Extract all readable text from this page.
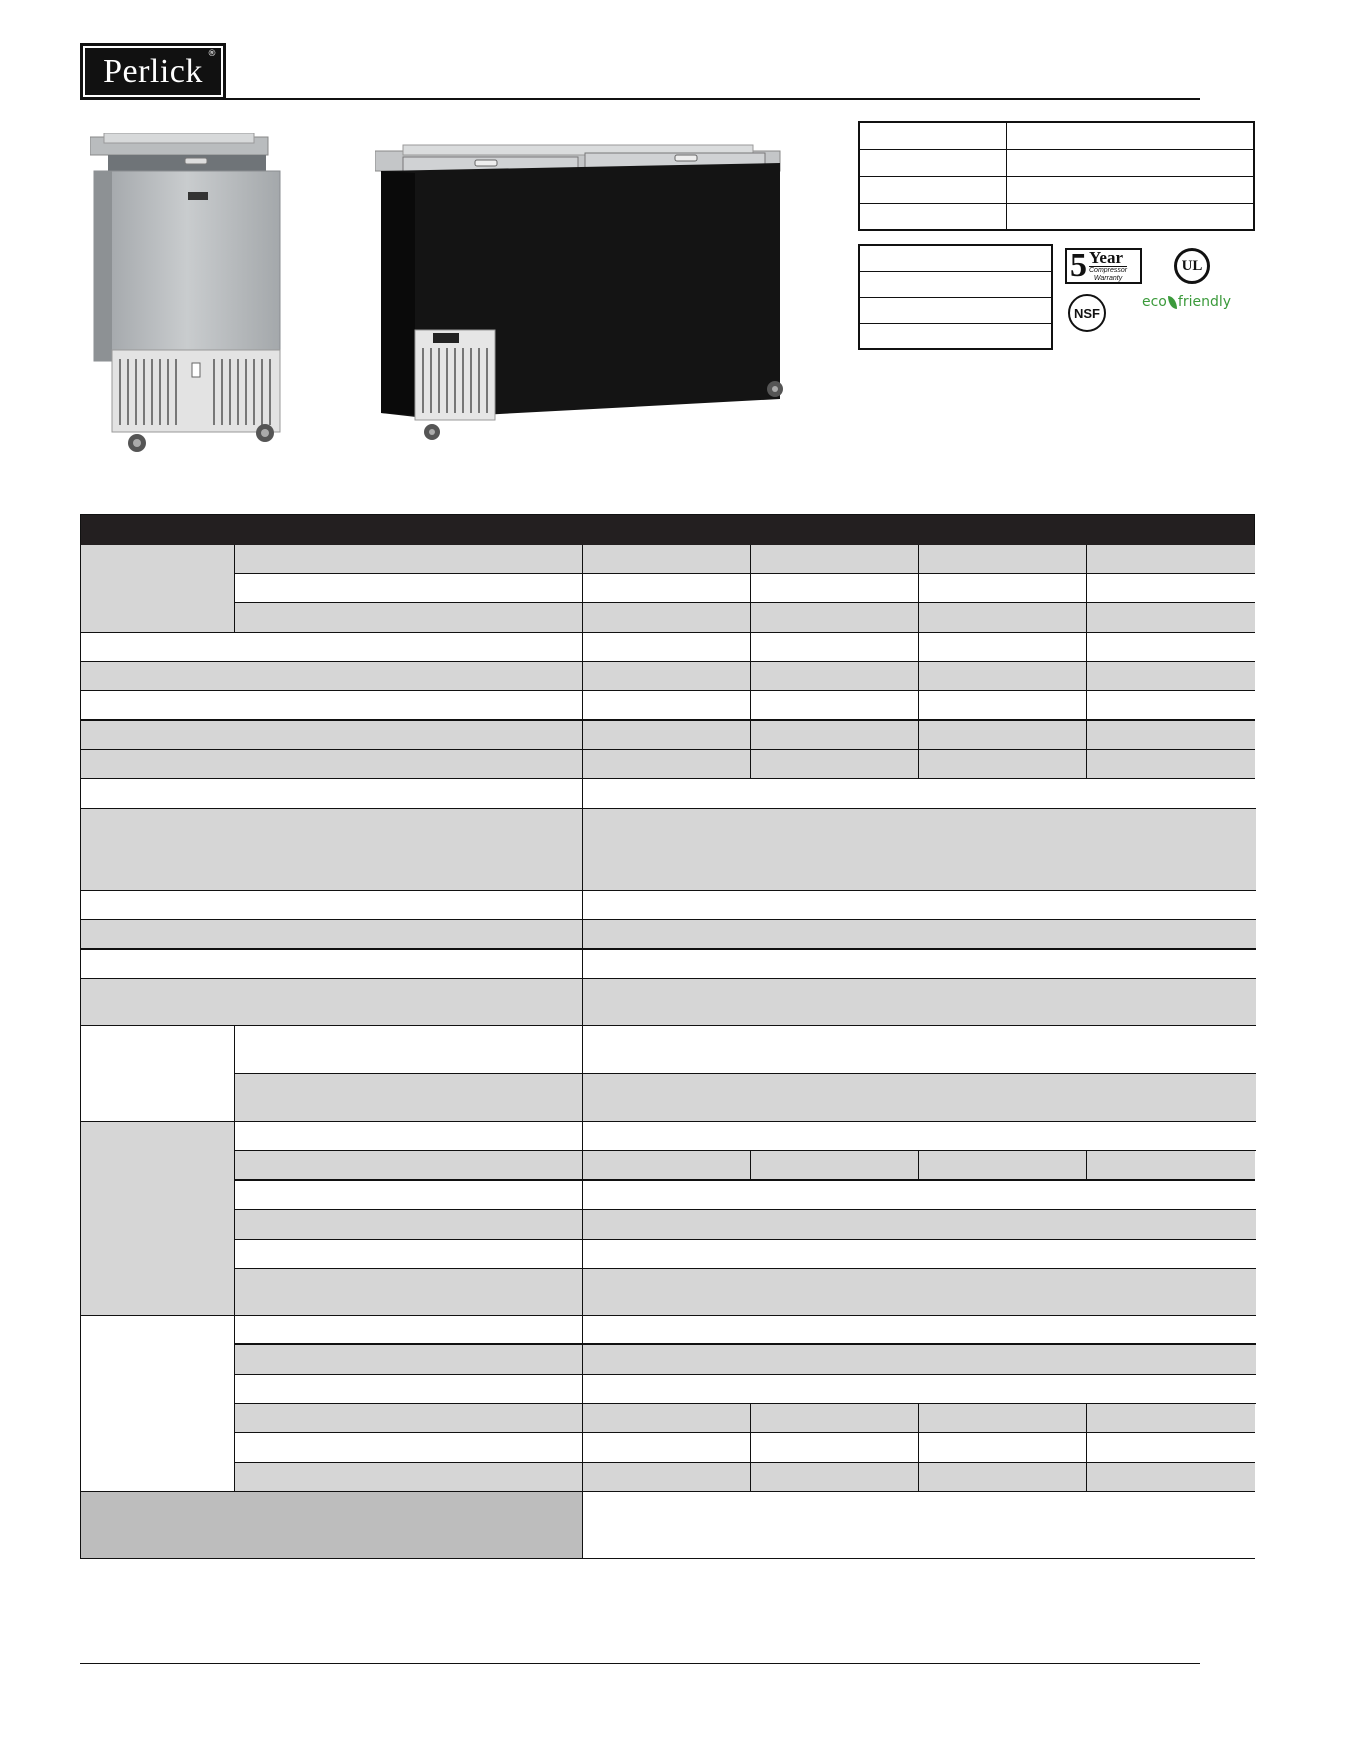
Perlick ®

5 Year
Compressor
Warranty
UL
NSF
eco friendly
